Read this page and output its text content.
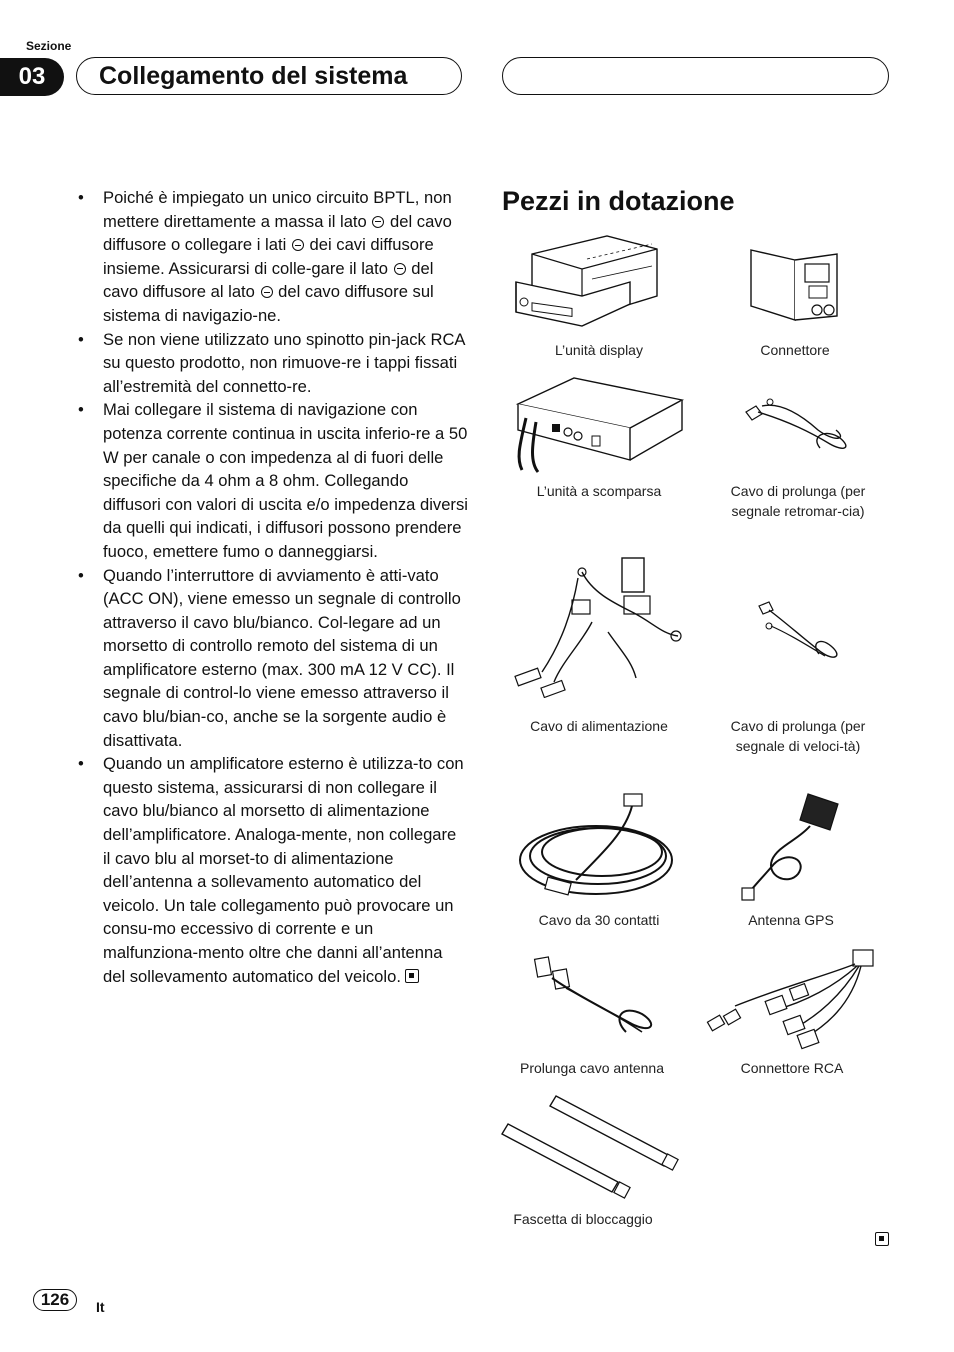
Sezione
03	Collegamento del sistema
• Poiché è impiegato un unico circuito BPTL, non mettere direttamente a massa il lato del cavo diffusore o collegare i lati dei cavi diffusore insieme. Assicurarsi di colle-gare il lato del cavo diffusore al lato del cavo diffusore sul sistema di navigazio-ne.
• Se non viene utilizzato uno spinotto pin-jack RCA su questo prodotto, non rimuove-re i tappi fissati all’estremità del connetto-re.
• Mai collegare il sistema di navigazione con potenza corrente continua in uscita inferio-re a 50 W per canale o con impedenza al di fuori delle specifiche da 4 ohm a 8 ohm. Collegando diffusori con valori di uscita e/o impedenza diversi da quelli qui indicati, i diffusori possono prendere fuoco, emettere fumo o danneggiarsi.
• Quando l’interruttore di avviamento è atti-vato (ACC ON), viene emesso un segnale di controllo attraverso il cavo blu/bianco. Col-legare ad un morsetto di controllo remoto del sistema di un amplificatore esterno (max. 300 mA 12 V CC). Il segnale di control-lo viene emesso attraverso il cavo blu/bian-co, anche se la sorgente audio è disattivata.
• Quando un amplificatore esterno è utilizza-to con questo sistema, assicurarsi di non collegare il cavo blu/bianco al morsetto di alimentazione dell’amplificatore. Analoga-mente, non collegare il cavo blu al morset-to di alimentazione dell’antenna a sollevamento automatico del veicolo. Un tale collegamento può provocare un consu-mo eccessivo di corrente e un malfunziona-mento oltre che danni all’antenna del sollevamento automatico del veicolo.
Pezzi in dotazione
L’unità display	Connettore
L’unità a scomparsa	Cavo di prolunga (per segnale retromar-cia)
Cavo di alimentazione	Cavo di prolunga (per segnale di veloci-tà)
Cavo da 30 contatti	Antenna GPS
Prolunga cavo antenna	Connettore RCA
Fascetta di bloccaggio
126	It
